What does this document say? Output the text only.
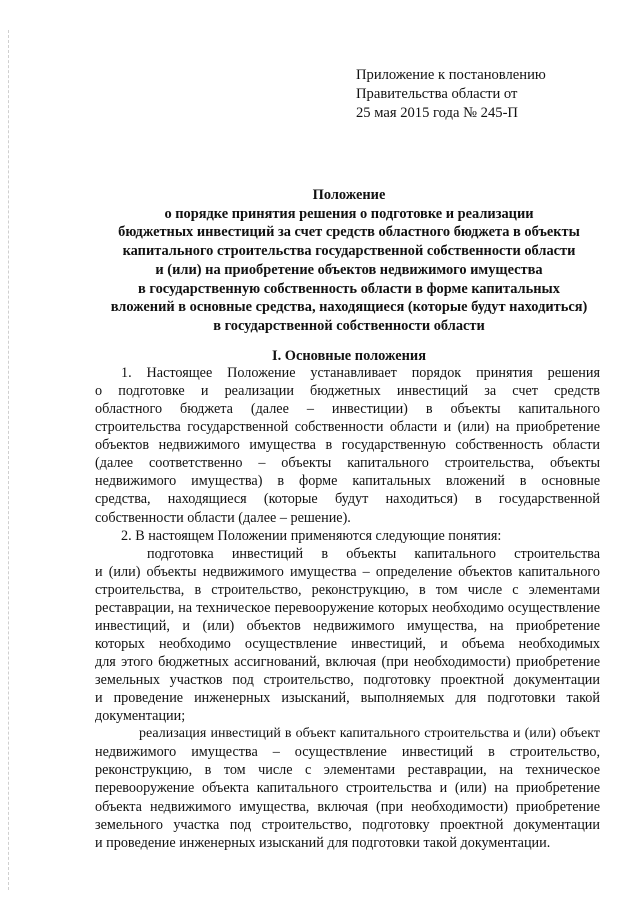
Приложение к постановлению
Правительства области от
25 мая 2015 года № 245-П
Положение
о порядке принятия решения о подготовке и реализации
бюджетных инвестиций за счет средств областного бюджета в объекты
капитального строительства государственной собственности области
и (или) на приобретение объектов недвижимого имущества
в государственную собственность области в форме капитальных
вложений в основные средства, находящиеся (которые будут находиться)
в государственной собственности области
I. Основные положения
1. Настоящее Положение устанавливает порядок принятия решения
о подготовке и реализации бюджетных инвестиций за счет средств
областного бюджета (далее – инвестиции) в объекты капитального
строительства государственной собственности области и (или) на приобретение
объектов недвижимого имущества в государственную собственность области
(далее соответственно – объекты капитального строительства, объекты
недвижимого имущества) в форме капитальных вложений в основные
средства, находящиеся (которые будут находиться) в государственной
собственности области (далее – решение).
2. В настоящем Положении применяются следующие понятия:
подготовка инвестиций в объекты капитального строительства
и (или) объекты недвижимого имущества – определение объектов капитального
строительства, в строительство, реконструкцию, в том числе с элементами
реставрации, на техническое перевооружение которых необходимо осуществление
инвестиций, и (или) объектов недвижимого имущества, на приобретение
которых необходимо осуществление инвестиций, и объема необходимых
для этого бюджетных ассигнований, включая (при необходимости) приобретение
земельных участков под строительство, подготовку проектной документации
и проведение инженерных изысканий, выполняемых для подготовки такой
документации;
реализация инвестиций в объект капитального строительства и (или) объект
недвижимого имущества – осуществление инвестиций в строительство,
реконструкцию, в том числе с элементами реставрации, на техническое
перевооружение объекта капитального строительства и (или) на приобретение
объекта недвижимого имущества, включая (при необходимости) приобретение
земельного участка под строительство, подготовку проектной документации
и проведение инженерных изысканий для подготовки такой документации.
